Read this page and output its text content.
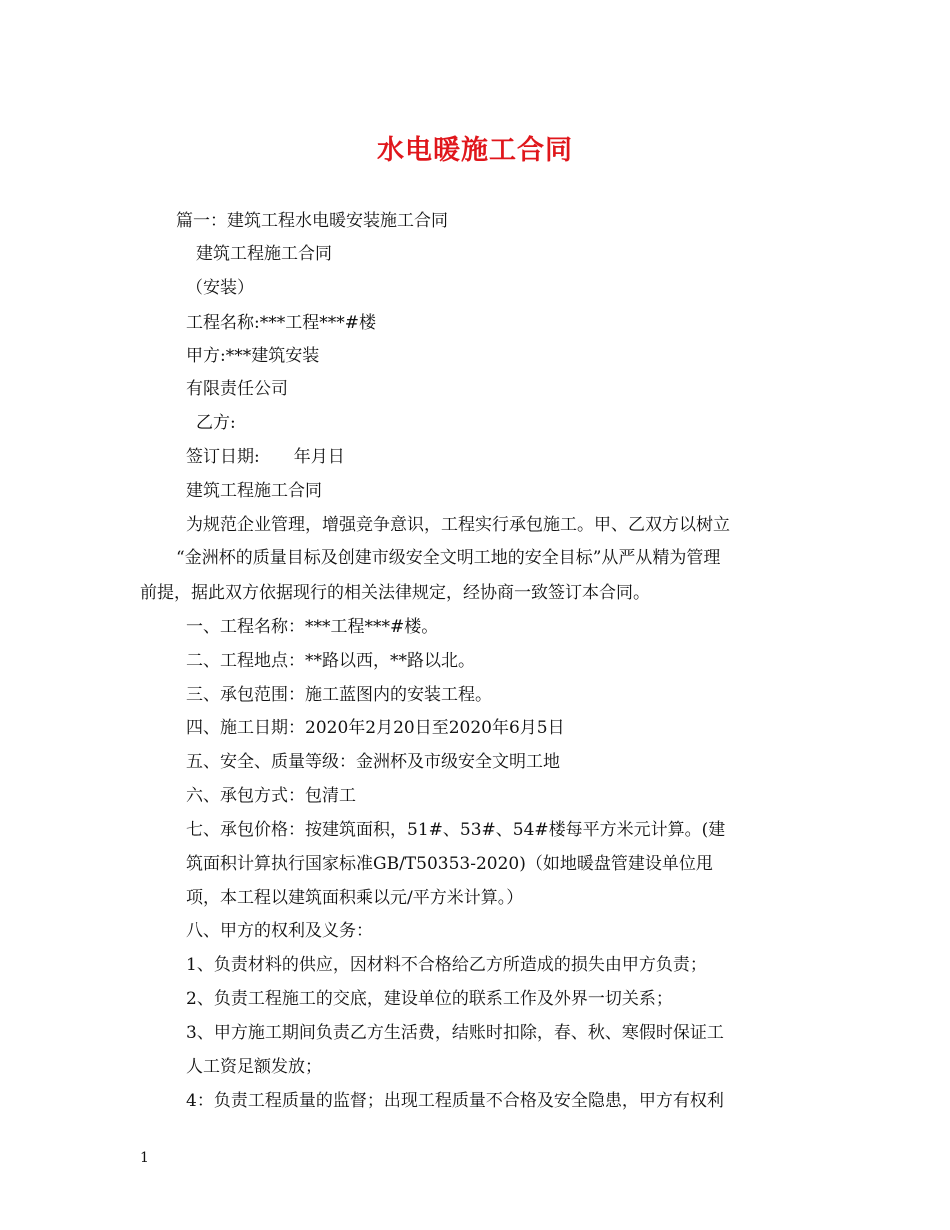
水电暖施工合同

篇一：建筑工程水电暖安装施工合同

建筑工程施工合同

（安装）

工程名称:***工程***#楼

甲方:***建筑安装

有限责任公司

乙方:

签订日期:　　年月日

建筑工程施工合同

为规范企业管理，增强竞争意识，工程实行承包施工。甲、乙双方以树立

“金洲杯的质量目标及创建市级安全文明工地的安全目标”从严从精为管理

前提，据此双方依据现行的相关法律规定，经协商一致签订本合同。

一、工程名称：***工程***#楼。

二、工程地点：**路以西，**路以北。

三、承包范围：施工蓝图内的安装工程。

四、施工日期：2020年2月20日至2020年6月5日

五、安全、质量等级：金洲杯及市级安全文明工地

六、承包方式：包清工

七、承包价格：按建筑面积，51#、53#、54#楼每平方米元计算。(建

筑面积计算执行国家标准GB/T50353-2020)（如地暖盘管建设单位甩

项，本工程以建筑面积乘以元/平方米计算。）

八、甲方的权利及义务：

1、负责材料的供应，因材料不合格给乙方所造成的损失由甲方负责；

2、负责工程施工的交底，建设单位的联系工作及外界一切关系；

3、甲方施工期间负责乙方生活费，结账时扣除，春、秋、寒假时保证工

人工资足额发放；

4：负责工程质量的监督；出现工程质量不合格及安全隐患，甲方有权利

1
